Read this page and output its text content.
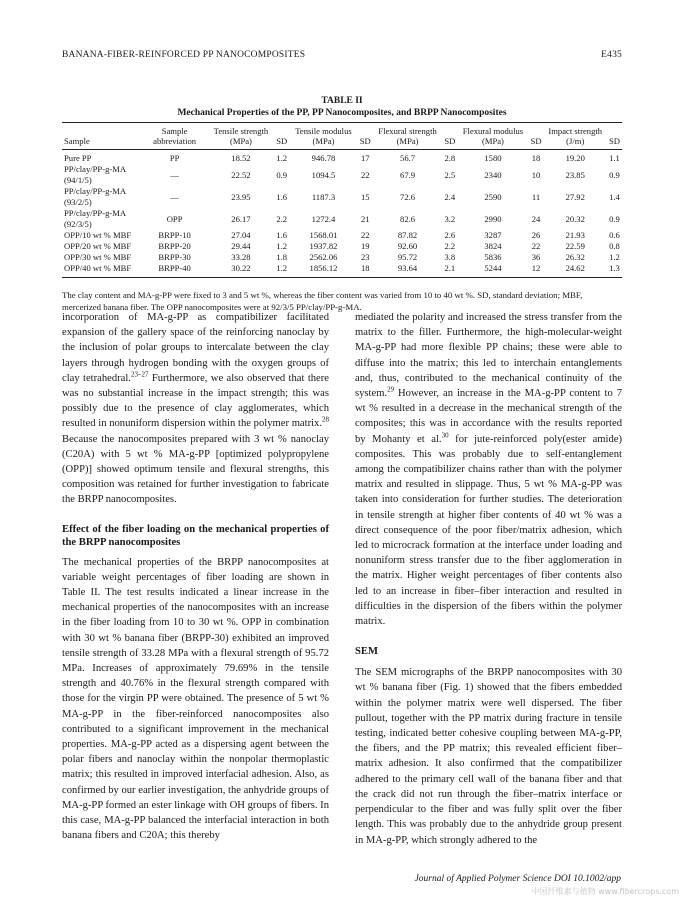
BANANA-FIBER-REINFORCED PP NANOCOMPOSITES	E435
TABLE II
Mechanical Properties of the PP, PP Nanocomposites, and BRPP Nanocomposites
Sample	Sample abbreviation	Tensile strength (MPa)	SD	Tensile modulus (MPa)	SD	Flexural strength (MPa)	SD	Flexural modulus (MPa)	SD	Impact strength (J/m)	SD
Pure PP	PP	18.52	1.2	946.78	17	56.7	2.8	1580	18	19.20	1.1
PP/clay/PP-g-MA (94/1/5)	—	22.52	0.9	1094.5	22	67.9	2.5	2340	10	23.85	0.9
PP/clay/PP-g-MA (93/2/5)	—	23.95	1.6	1187.3	15	72.6	2.4	2590	11	27.92	1.4
PP/clay/PP-g-MA (92/3/5)	OPP	26.17	2.2	1272.4	21	82.6	3.2	2990	24	20.32	0.9
OPP/10 wt % MBF	BRPP-10	27.04	1.6	1568.01	22	87.82	2.6	3287	26	21.93	0.6
OPP/20 wt % MBF	BRPP-20	29.44	1.2	1937.82	19	92.60	2.2	3824	22	22.59	0.8
OPP/30 wt % MBF	BRPP-30	33.28	1.8	2562.06	23	95.72	3.8	5836	36	26.32	1.2
OPP/40 wt % MBF	BRPP-40	30.22	1.2	1856.12	18	93.64	2.1	5244	12	24.62	1.3
The clay content and MA-g-PP were fixed to 3 and 5 wt %, whereas the fiber content was varied from 10 to 40 wt %. SD, standard deviation; MBF, mercerized banana fiber. The OPP nanocomposites were at 92/3/5 PP/clay/PP-g-MA.

incorporation of MA-g-PP as compatibilizer facilitated expansion of the gallery space of the reinforcing nanoclay by the inclusion of polar groups to intercalate between the clay layers through hydrogen bonding with the oxygen groups of clay tetrahedral.$^{23-27}$ Furthermore, we also observed that there was no substantial increase in the impact strength; this was possibly due to the presence of clay agglomerates, which resulted in nonuniform dispersion within the polymer matrix.$^{28}$ Because the nanocomposites prepared with 3 wt % nanoclay (C20A) with 5 wt % MA-g-PP [optimized polypropylene (OPP)] showed optimum tensile and flexural strengths, this composition was retained for further investigation to fabricate the BRPP nanocomposites.

Effect of the fiber loading on the mechanical properties of the BRPP nanocomposites

The mechanical properties of the BRPP nanocomposites at variable weight percentages of fiber loading are shown in Table II. The test results indicated a linear increase in the mechanical properties of the nanocomposites with an increase in the fiber loading from 10 to 30 wt %. OPP in combination with 30 wt % banana fiber (BRPP-30) exhibited an improved tensile strength of 33.28 MPa with a flexural strength of 95.72 MPa. Increases of approximately 79.69% in the tensile strength and 40.76% in the flexural strength compared with those for the virgin PP were obtained. The presence of 5 wt % MA-g-PP in the fiber-reinforced nanocomposites also contributed to a significant improvement in the mechanical properties. MA-g-PP acted as a dispersing agent between the polar fibers and nanoclay within the nonpolar thermoplastic matrix; this resulted in improved interfacial adhesion. Also, as confirmed by our earlier investigation, the anhydride groups of MA-g-PP formed an ester linkage with OH groups of fibers. In this case, MA-g-PP balanced the interfacial interaction in both banana fibers and C20A; this thereby

mediated the polarity and increased the stress transfer from the matrix to the filler. Furthermore, the high-molecular-weight MA-g-PP had more flexible PP chains; these were able to diffuse into the matrix; this led to interchain entanglements and, thus, contributed to the mechanical continuity of the system.$^{29}$ However, an increase in the MA-g-PP content to 7 wt % resulted in a decrease in the mechanical strength of the composites; this was in accordance with the results reported by Mohanty et al.$^{30}$ for jute-reinforced poly(ester amide) composites. This was probably due to self-entanglement among the compatibilizer chains rather than with the polymer matrix and resulted in slippage. Thus, 5 wt % MA-g-PP was taken into consideration for further studies. The deterioration in tensile strength at higher fiber contents of 40 wt % was a direct consequence of the poor fiber/matrix adhesion, which led to microcrack formation at the interface under loading and nonuniform stress transfer due to the fiber agglomeration in the matrix. Higher weight percentages of fiber contents also led to an increase in fiber–fiber interaction and resulted in difficulties in the dispersion of the fibers within the polymer matrix.

SEM

The SEM micrographs of the BRPP nanocomposites with 30 wt % banana fiber (Fig. 1) showed that the fibers embedded within the polymer matrix were well dispersed. The fiber pullout, together with the PP matrix during fracture in tensile testing, indicated better cohesive coupling between MA-g-PP, the fibers, and the PP matrix; this revealed efficient fiber–matrix adhesion. It also confirmed that the compatibilizer adhered to the primary cell wall of the banana fiber and that the crack did not run through the fiber–matrix interface or perpendicular to the fiber and was fully split over the fiber length. This was probably due to the anhydride group present in MA-g-PP, which strongly adhered to the

Journal of Applied Polymer Science DOI 10.1002/app
中国纤维素与植物 www.fibercrops.com
